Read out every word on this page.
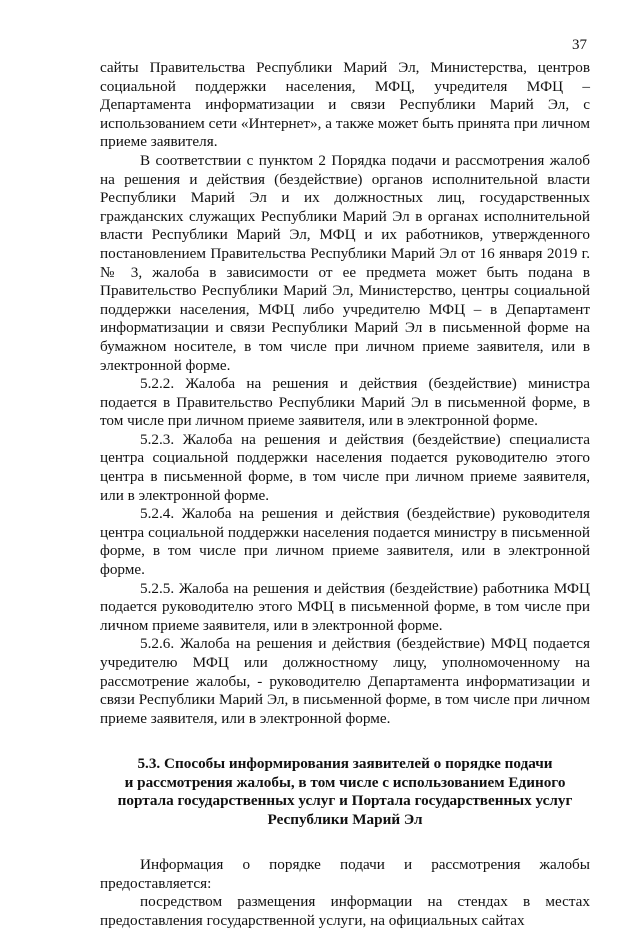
37

сайты Правительства Республики Марий Эл, Министерства, центров социальной поддержки населения, МФЦ, учредителя МФЦ – Департамента информатизации и связи Республики Марий Эл, с использованием сети «Интернет», а также может быть принята при личном приеме заявителя.

В соответствии с пунктом 2 Порядка подачи и рассмотрения жалоб на решения и действия (бездействие) органов исполнительной власти Республики Марий Эл и их должностных лиц, государственных гражданских служащих Республики Марий Эл в органах исполнительной власти Республики Марий Эл, МФЦ и их работников, утвержденного постановлением Правительства Республики Марий Эл от 16 января 2019 г. № 3, жалоба в зависимости от ее предмета может быть подана в Правительство Республики Марий Эл, Министерство, центры социальной поддержки населения, МФЦ либо учредителю МФЦ – в Департамент информатизации и связи Республики Марий Эл в письменной форме на бумажном носителе, в том числе при личном приеме заявителя, или в электронной форме.

5.2.2. Жалоба на решения и действия (бездействие) министра подается в Правительство Республики Марий Эл в письменной форме, в том числе при личном приеме заявителя, или в электронной форме.

5.2.3. Жалоба на решения и действия (бездействие) специалиста центра социальной поддержки населения подается руководителю этого центра в письменной форме, в том числе при личном приеме заявителя, или в электронной форме.

5.2.4. Жалоба на решения и действия (бездействие) руководителя центра социальной поддержки населения подается министру в письменной форме, в том числе при личном приеме заявителя, или в электронной форме.

5.2.5. Жалоба на решения и действия (бездействие) работника МФЦ подается руководителю этого МФЦ в письменной форме, в том числе при личном приеме заявителя, или в электронной форме.

5.2.6. Жалоба на решения и действия (бездействие) МФЦ подается учредителю МФЦ или должностному лицу, уполномоченному на рассмотрение жалобы, - руководителю Департамента информатизации и связи Республики Марий Эл, в письменной форме, в том числе при личном приеме заявителя, или в электронной форме.

5.3. Способы информирования заявителей о порядке подачи
и рассмотрения жалобы, в том числе с использованием Единого
портала государственных услуг и Портала государственных услуг
Республики Марий Эл

Информация о порядке подачи и рассмотрения жалобы предоставляется:

посредством размещения информации на стендах в местах предоставления государственной услуги, на официальных сайтах
